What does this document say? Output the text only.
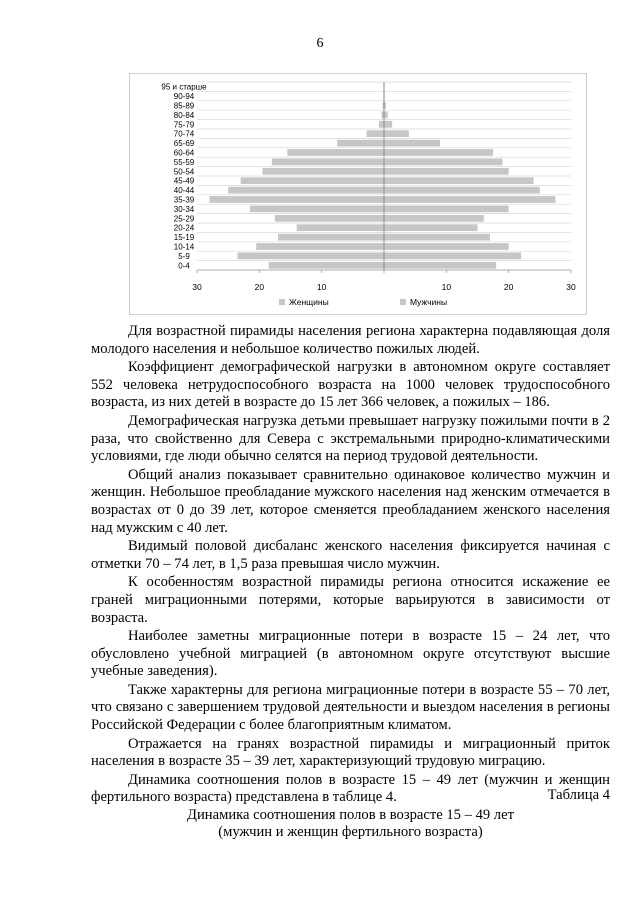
6
0-4
5-9
10-14
15-19
20-24
25-29
30-34
35-39
40-44
45-49
50-54
55-59
60-64
65-69
70-74
75-79
80-84
85-89
90-94
95 и старше
30	20	10	10	20	30
Женщины	Мужчины

Для возрастной пирамиды населения региона характерна подавляющая доля молодого населения и небольшое количество пожилых людей.

Коэффициент демографической нагрузки в автономном округе составляет 552 человека нетрудоспособного возраста на 1000 человек трудоспособного возраста, из них детей в возрасте до 15 лет 366 человек, а пожилых – 186.

Демографическая нагрузка детьми превышает нагрузку пожилыми почти в 2 раза, что свойственно для Севера с экстремальными природно-климатическими условиями, где люди обычно селятся на период трудовой деятельности.

Общий анализ показывает сравнительно одинаковое количество мужчин и женщин. Небольшое преобладание мужского населения над женским отмечается в возрастах от 0 до 39 лет, которое сменяется преобладанием женского населения над мужским с 40 лет.

Видимый половой дисбаланс женского населения фиксируется начиная с отметки 70 – 74 лет, в 1,5 раза превышая число мужчин.

К особенностям возрастной пирамиды региона относится искажение ее граней миграционными потерями, которые варьируются в зависимости от возраста.

Наиболее заметны миграционные потери в возрасте 15 – 24 лет, что обусловлено учебной миграцией (в автономном округе отсутствуют высшие учебные заведения).

Также характерны для региона миграционные потери в возрасте 55 – 70 лет, что связано с завершением трудовой деятельности и выездом населения в регионы Российской Федерации с более благоприятным климатом.

Отражается на гранях возрастной пирамиды и миграционный приток населения в возрасте 35 – 39 лет, характеризующий трудовую миграцию.

Динамика соотношения полов в возрасте 15 – 49 лет (мужчин и женщин фертильного возраста) представлена в таблице 4.	Таблица 4
Динамика соотношения полов в возрасте 15 – 49 лет
(мужчин и женщин фертильного возраста)
